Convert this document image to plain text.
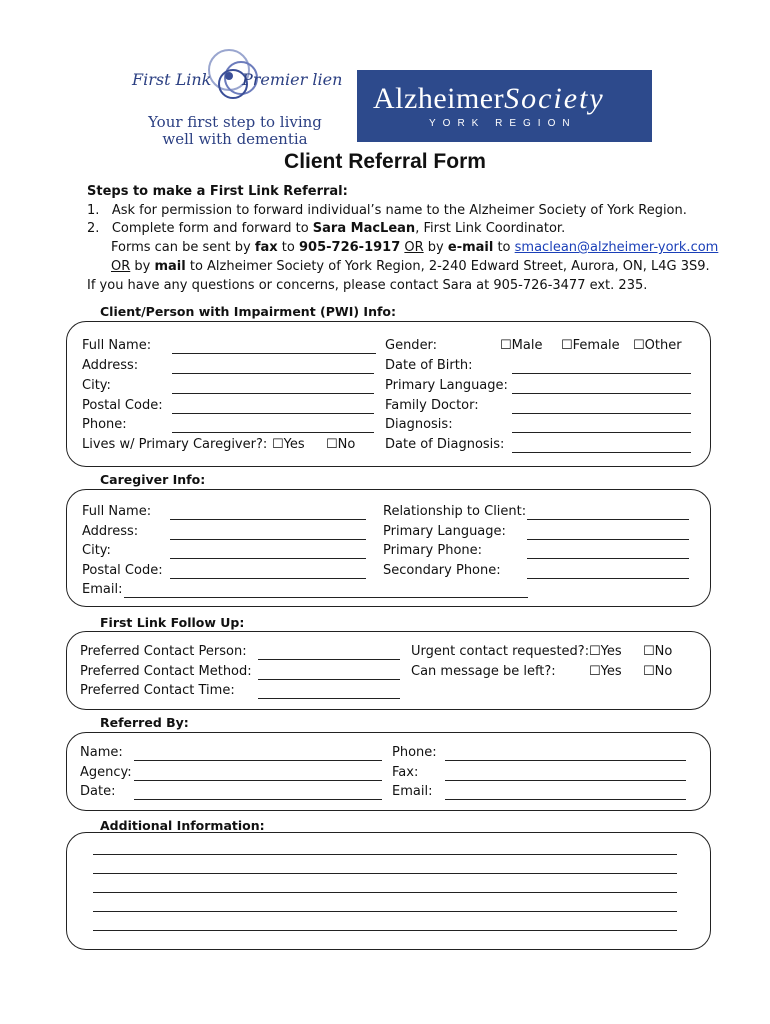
First Link Premier lien
Your first step to living
well with dementia
AlzheimerSociety
YORK REGION
Client Referral Form
Steps to make a First Link Referral:
1. Ask for permission to forward individual’s name to the Alzheimer Society of York Region.
2. Complete form and forward to Sara MacLean, First Link Coordinator.
Forms can be sent by fax to 905-726-1917 OR by e-mail to smaclean@alzheimer-york.com
OR by mail to Alzheimer Society of York Region, 2-240 Edward Street, Aurora, ON, L4G 3S9.
If you have any questions or concerns, please contact Sara at 905-726-3477 ext. 235.
Client/Person with Impairment (PWI) Info:
Full Name:
Address:
City:
Postal Code:
Phone:
Lives w/ Primary Caregiver?: ☐Yes ☐No
Gender:	☐Male ☐Female ☐Other
Date of Birth:
Primary Language:
Family Doctor:
Diagnosis:
Date of Diagnosis:
Caregiver Info:
Full Name:
Address:
City:
Postal Code:
Email:
Relationship to Client:
Primary Language:
Primary Phone:
Secondary Phone:
First Link Follow Up:
Preferred Contact Person:
Preferred Contact Method:
Preferred Contact Time:
Urgent contact requested?: ☐Yes ☐No
Can message be left?:	☐Yes ☐No
Referred By:
Name:
Agency:
Date:
Phone:
Fax:
Email:
Additional Information:
